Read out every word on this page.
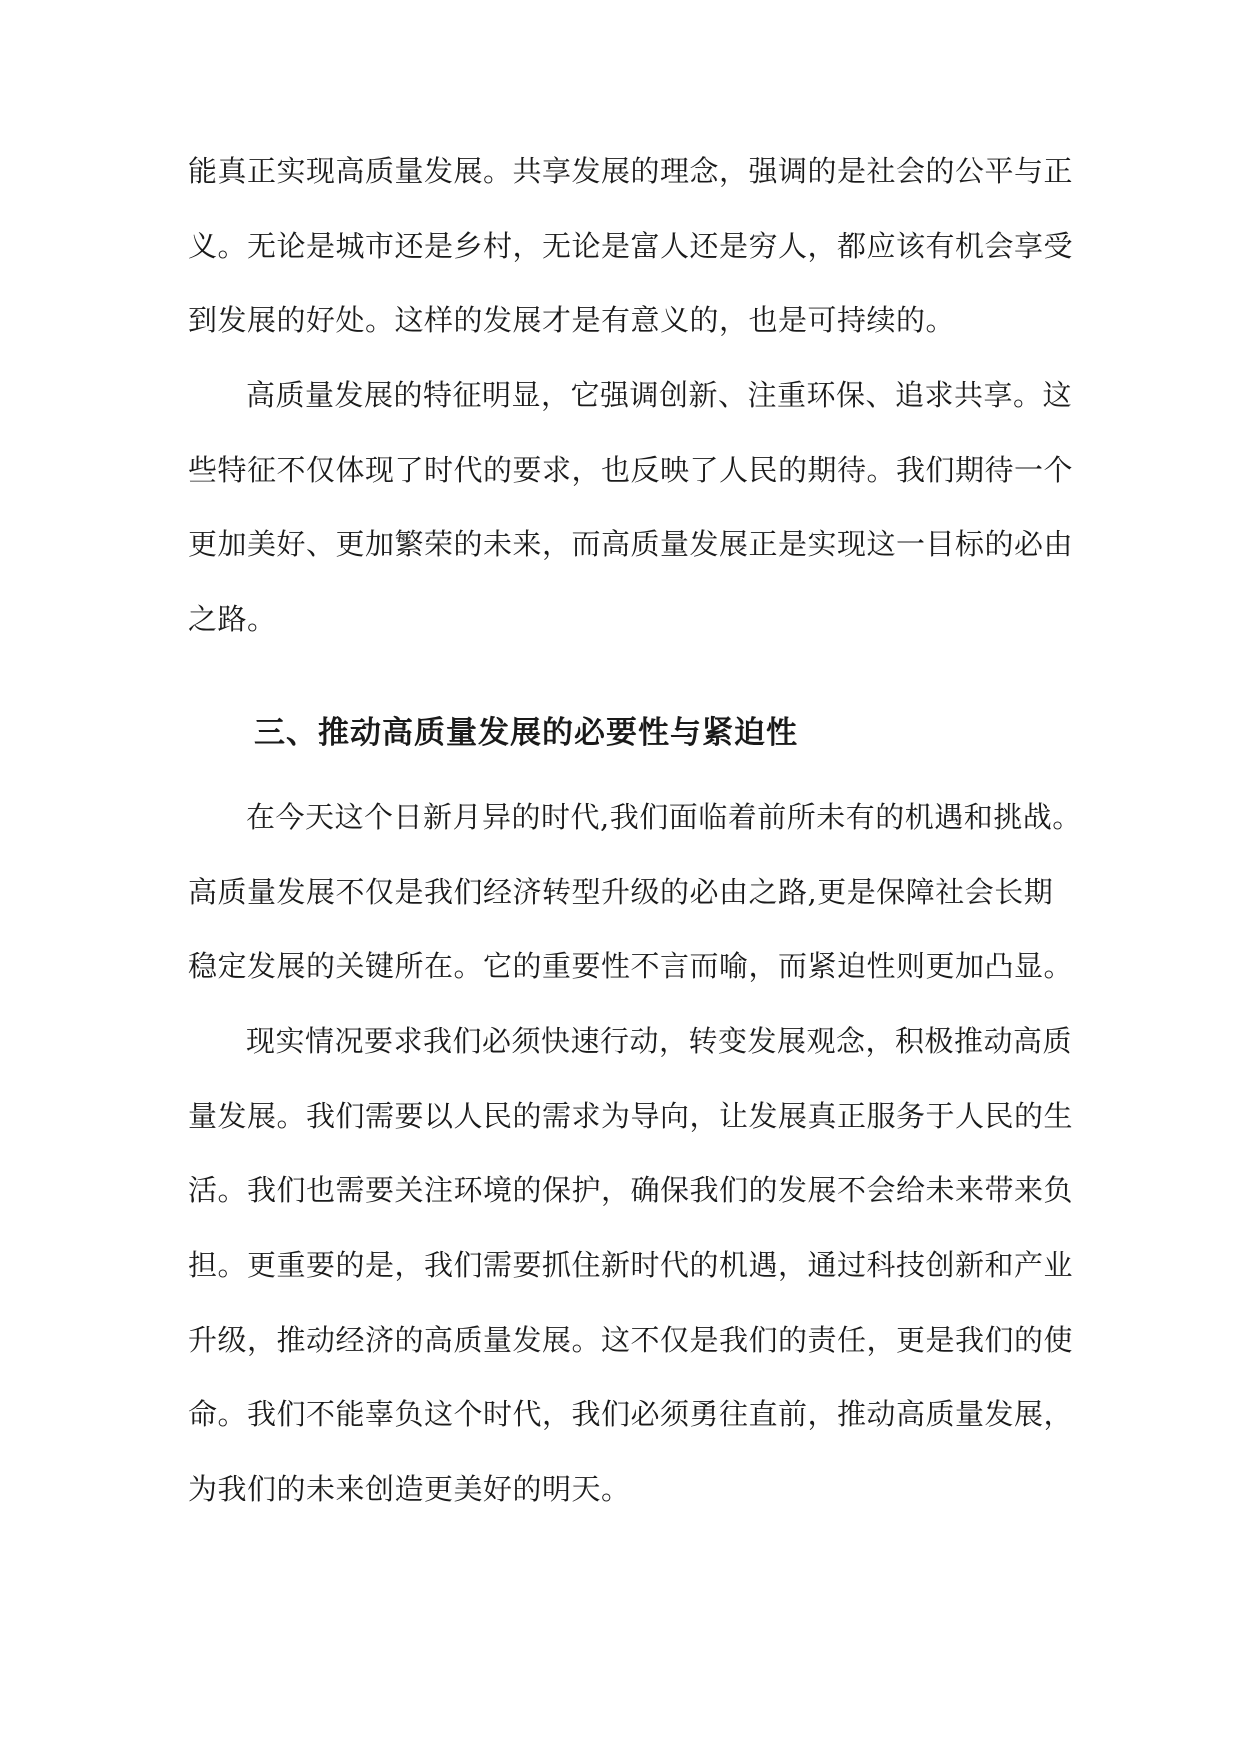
能真正实现高质量发展。共享发展的理念，强调的是社会的公平与正
义。无论是城市还是乡村，无论是富人还是穷人，都应该有机会享受
到发展的好处。这样的发展才是有意义的，也是可持续的。
高质量发展的特征明显，它强调创新、注重环保、追求共享。这
些特征不仅体现了时代的要求，也反映了人民的期待。我们期待一个
更加美好、更加繁荣的未来，而高质量发展正是实现这一目标的必由
之路。
三、推动高质量发展的必要性与紧迫性
在今天这个日新月异的时代,我们面临着前所未有的机遇和挑战。
高质量发展不仅是我们经济转型升级的必由之路,更是保障社会长期
稳定发展的关键所在。它的重要性不言而喻，而紧迫性则更加凸显。
现实情况要求我们必须快速行动，转变发展观念，积极推动高质
量发展。我们需要以人民的需求为导向，让发展真正服务于人民的生
活。我们也需要关注环境的保护，确保我们的发展不会给未来带来负
担。更重要的是，我们需要抓住新时代的机遇，通过科技创新和产业
升级，推动经济的高质量发展。这不仅是我们的责任，更是我们的使
命。我们不能辜负这个时代，我们必须勇往直前，推动高质量发展，
为我们的未来创造更美好的明天。
